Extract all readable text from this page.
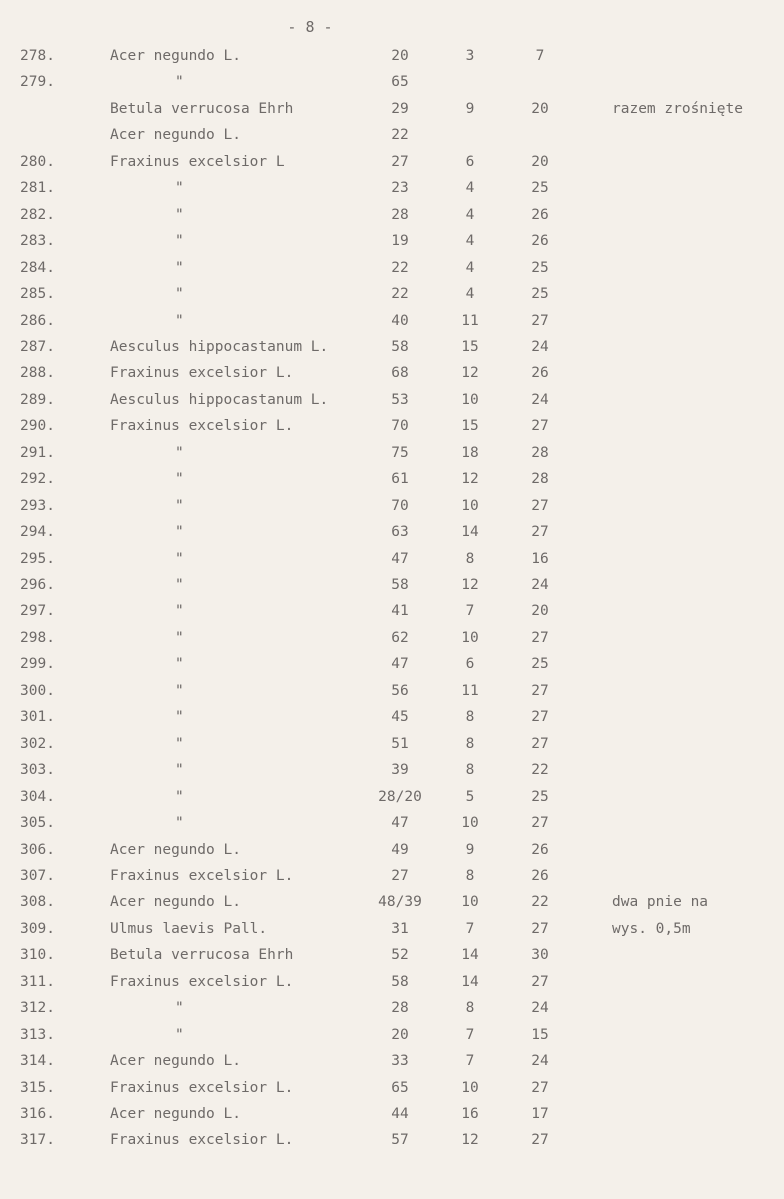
- 8 -
278.	Acer negundo L.	20	3	7
279.	"	65
Betula verrucosa Ehrh	29	9	20	razem zrośnięte
Acer negundo L.	22
280.	Fraxinus excelsior L	27	6	20
281.	"	23	4	25
282.	"	28	4	26
283.	"	19	4	26
284.	"	22	4	25
285.	"	22	4	25
286.	"	40	11	27
287.	Aesculus hippocastanum L.	58	15	24
288.	Fraxinus excelsior L.	68	12	26
289.	Aesculus hippocastanum L.	53	10	24
290.	Fraxinus excelsior L.	70	15	27
291.	"	75	18	28
292.	"	61	12	28
293.	"	70	10	27
294.	"	63	14	27
295.	"	47	8	16
296.	"	58	12	24
297.	"	41	7	20
298.	"	62	10	27
299.	"	47	6	25
300.	"	56	11	27
301.	"	45	8	27
302.	"	51	8	27
303.	"	39	8	22
304.	"	28/20	5	25
305.	"	47	10	27
306.	Acer negundo L.	49	9	26
307.	Fraxinus excelsior L.	27	8	26
308.	Acer negundo L.	48/39	10	22	dwa pnie na
309.	Ulmus laevis Pall.	31	7	27	wys. 0,5m
310.	Betula verrucosa Ehrh	52	14	30
311.	Fraxinus excelsior L.	58	14	27
312.	"	28	8	24
313.	"	20	7	15
314.	Acer negundo L.	33	7	24
315.	Fraxinus excelsior L.	65	10	27
316.	Acer negundo L.	44	16	17
317.	Fraxinus excelsior L.	57	12	27
